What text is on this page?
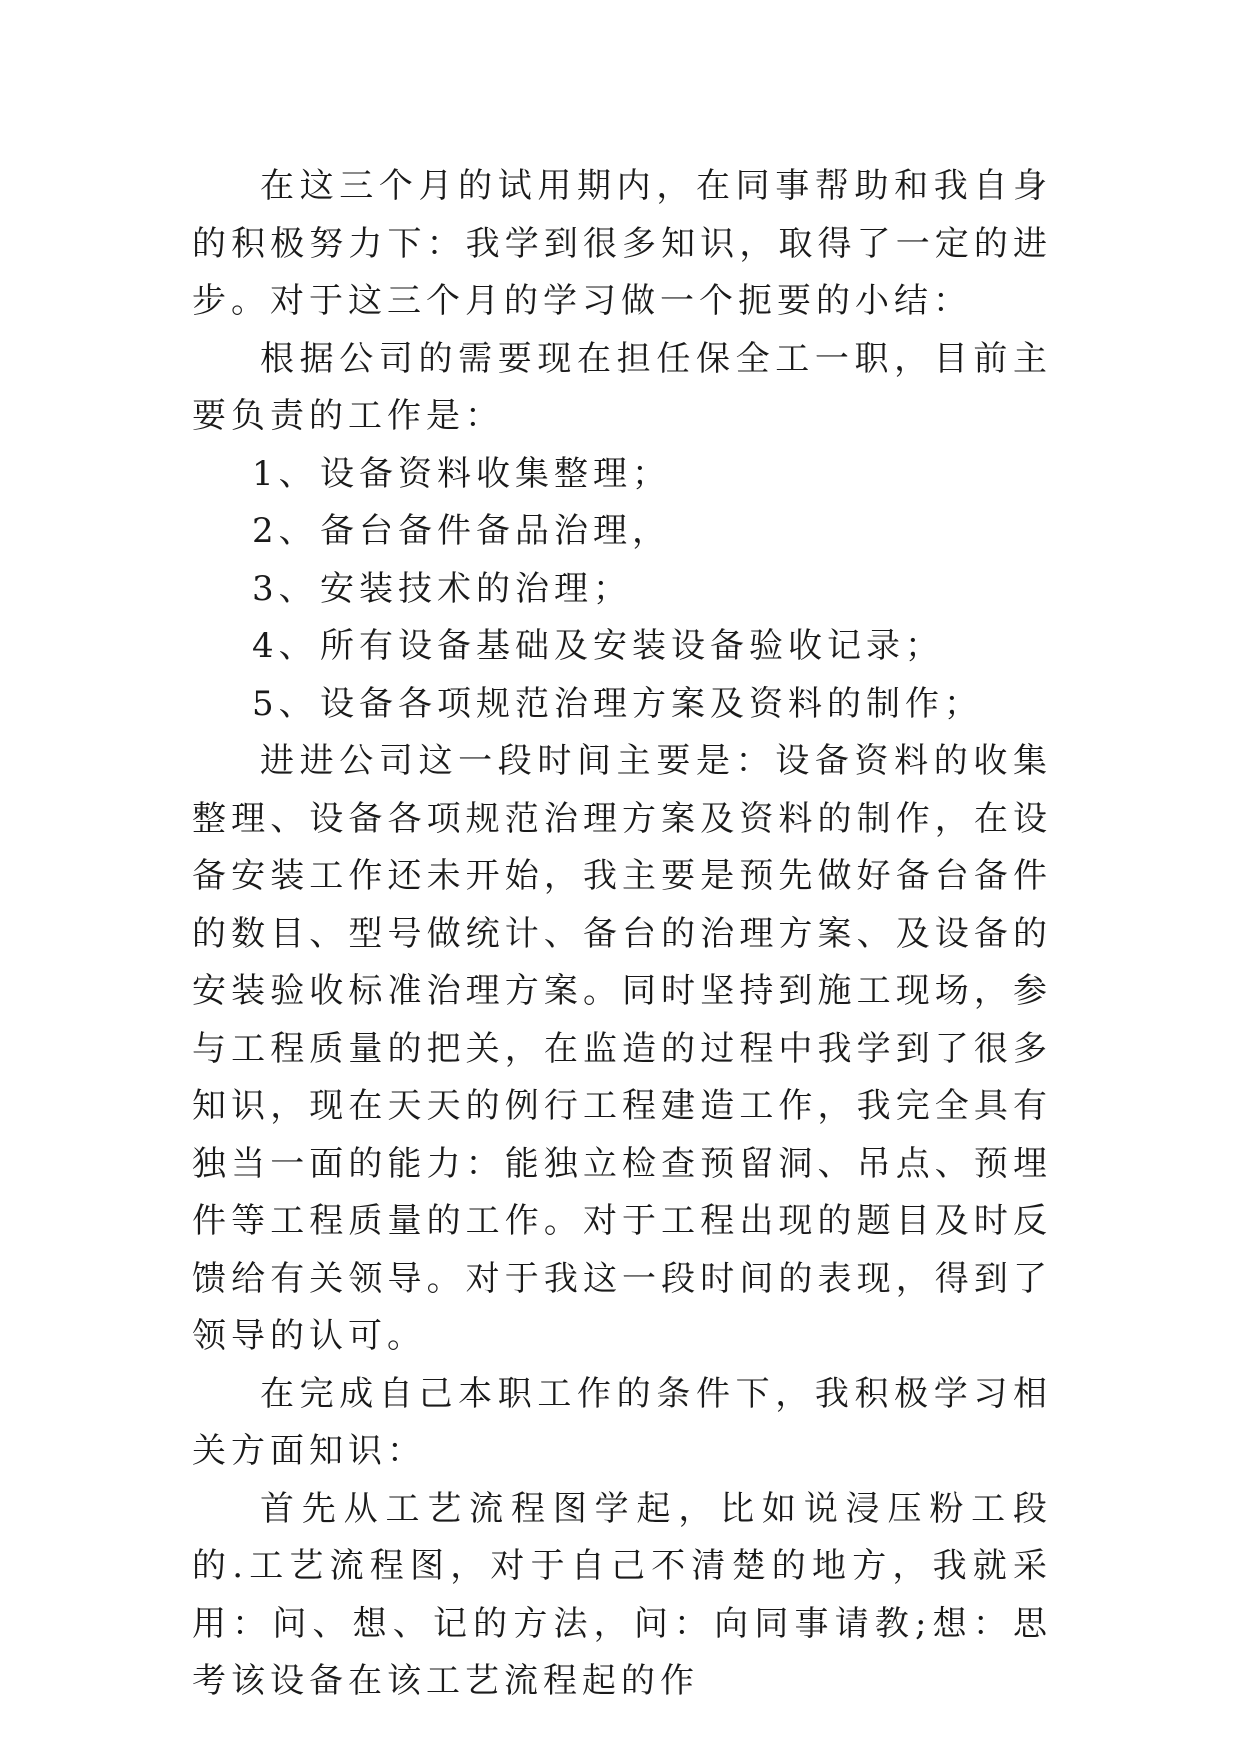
在这三个月的试用期内，在同事帮助和我自身的积极努力下：我学到很多知识，取得了一定的进步。对于这三个月的学习做一个扼要的小结：

根据公司的需要现在担任保全工一职，目前主要负责的工作是：

1、 设备资料收集整理；

2、 备台备件备品治理，

3、 安装技术的治理；

4、 所有设备基础及安装设备验收记录；

5、 设备各项规范治理方案及资料的制作；

进进公司这一段时间主要是：设备资料的收集整理、设备各项规范治理方案及资料的制作，在设备安装工作还未开始，我主要是预先做好备台备件的数目、型号做统计、备台的治理方案、及设备的安装验收标准治理方案。同时坚持到施工现场，参与工程质量的把关，在监造的过程中我学到了很多知识，现在天天的例行工程建造工作，我完全具有独当一面的能力：能独立检查预留洞、吊点、预埋件等工程质量的工作。对于工程出现的题目及时反馈给有关领导。对于我这一段时间的表现，得到了领导的认可。

在完成自己本职工作的条件下，我积极学习相关方面知识：

首先从工艺流程图学起，比如说浸压粉工段的.工艺流程图，对于自己不清楚的地方，我就采用：问、想、记的方法，问：向同事请教;想：思考该设备在该工艺流程起的作
